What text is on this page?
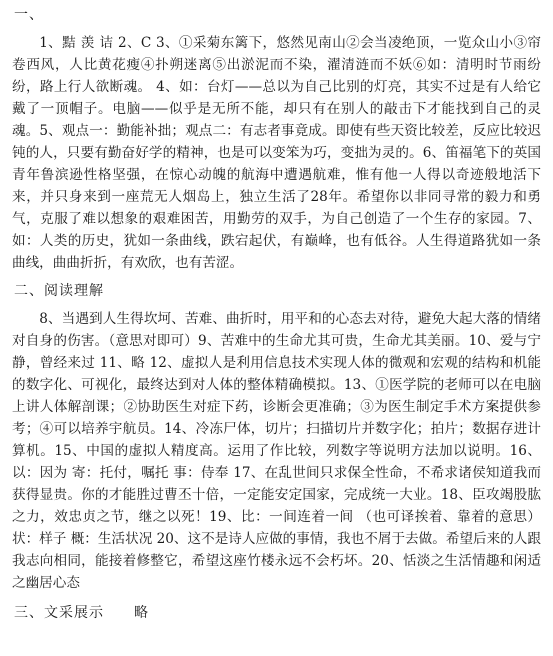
一、

1、黠 羡 诘 2、C 3、①采菊东篱下，悠然见南山②会当凌绝顶，一览众山小③帘卷西风，人比黄花瘦④扑朔迷离⑤出淤泥而不染，濯清涟而不妖⑥如：清明时节雨纷纷，路上行人欲断魂。 4、如：台灯——总以为自己比别的灯亮，其实不过是有人给它戴了一顶帽子。电脑——似乎是无所不能，却只有在别人的敲击下才能找到自己的灵魂。5、观点一：勤能补拙；观点二：有志者事竟成。即使有些天资比较差，反应比较迟钝的人，只要有勤奋好学的精神，也是可以变笨为巧，变拙为灵的。6、笛福笔下的英国青年鲁滨逊性格坚强，在惊心动魄的航海中遭遇航难，惟有他一人得以奇迹般地活下来，并只身来到一座荒无人烟岛上，独立生活了28年。希望你以非同寻常的毅力和勇气，克服了难以想象的艰难困苦，用勤劳的双手，为自己创造了一个生存的家园。7、如：人类的历史，犹如一条曲线，跌宕起伏，有巅峰，也有低谷。人生得道路犹如一条曲线，曲曲折折，有欢欣，也有苦涩。

二、阅读理解

8、当遇到人生得坎坷、苦难、曲折时，用平和的心态去对待，避免大起大落的情绪对自身的伤害。（意思对即可）9、苦难中的生命尤其可贵，生命尤其美丽。10、爱与宁静，曾经来过 11、略 12、虚拟人是利用信息技术实现人体的微观和宏观的结构和机能的数字化、可视化，最终达到对人体的整体精确模拟。13、①医学院的老师可以在电脑上讲人体解剖课；②协助医生对症下药，诊断会更准确；③为医生制定手术方案提供参考；④可以培养宇航员。14、冷冻尸体，切片；扫描切片并数字化；拍片；数据存进计算机。15、中国的虚拟人精度高。运用了作比较，列数字等说明方法加以说明。16、以：因为 寄：托付，嘱托 事：侍奉 17、在乱世间只求保全性命，不希求诸侯知道我而获得显贵。你的才能胜过曹丕十倍，一定能安定国家，完成统一大业。18、臣攻竭股肱之力，效忠贞之节，继之以死！19、比：一间连着一间 （也可译挨着、靠着的意思）状：样子 概：生活状况 20、这不是诗人应做的事情，我也不屑于去做。希望后来的人跟我志向相同，能接着修整它，希望这座竹楼永远不会朽坏。20、恬淡之生活情趣和闲适之幽居心态

三、文采展示　　略
